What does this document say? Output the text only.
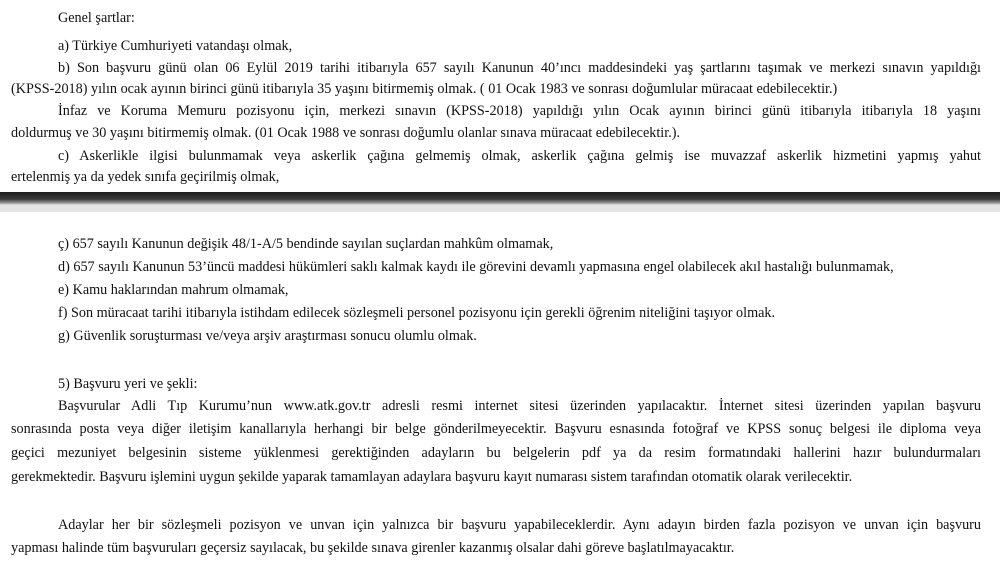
Genel şartlar:
a) Türkiye Cumhuriyeti vatandaşı olmak,
b) Son başvuru günü olan 06 Eylül 2019 tarihi itibarıyla 657 sayılı Kanunun 40’ıncı maddesindeki yaş şartlarını taşımak ve merkezi sınavın yapıldığı
(KPSS-2018) yılın ocak ayının birinci günü itibarıyla 35 yaşını bitirmemiş olmak. ( 01 Ocak 1983 ve sonrası doğumlular müracaat edebilecektir.)
İnfaz ve Koruma Memuru pozisyonu için, merkezi sınavın (KPSS-2018) yapıldığı yılın Ocak ayının birinci günü itibarıyla itibarıyla 18 yaşını
doldurmuş ve 30 yaşını bitirmemiş olmak. (01 Ocak 1988 ve sonrası doğumlu olanlar sınava müracaat edebilecektir.).
c) Askerlikle ilgisi bulunmamak veya askerlik çağına gelmemiş olmak, askerlik çağına gelmiş ise muvazzaf askerlik hizmetini yapmış yahut
ertelenmiş ya da yedek sınıfa geçirilmiş olmak,
ç) 657 sayılı Kanunun değişik 48/1-A/5 bendinde sayılan suçlardan mahkûm olmamak,
d) 657 sayılı Kanunun 53’üncü maddesi hükümleri saklı kalmak kaydı ile görevini devamlı yapmasına engel olabilecek akıl hastalığı bulunmamak,
e) Kamu haklarından mahrum olmamak,
f) Son müracaat tarihi itibarıyla istihdam edilecek sözleşmeli personel pozisyonu için gerekli öğrenim niteliğini taşıyor olmak.
g) Güvenlik soruşturması ve/veya arşiv araştırması sonucu olumlu olmak.
5) Başvuru yeri ve şekli:
Başvurular Adli Tıp Kurumu’nun www.atk.gov.tr adresli resmi internet sitesi üzerinden yapılacaktır. İnternet sitesi üzerinden yapılan başvuru
sonrasında posta veya diğer iletişim kanallarıyla herhangi bir belge gönderilmeyecektir. Başvuru esnasında fotoğraf ve KPSS sonuç belgesi ile diploma veya
geçici mezuniyet belgesinin sisteme yüklenmesi gerektiğinden adayların bu belgelerin pdf ya da resim formatındaki hallerini hazır bulundurmaları
gerekmektedir. Başvuru işlemini uygun şekilde yaparak tamamlayan adaylara başvuru kayıt numarası sistem tarafından otomatik olarak verilecektir.
Adaylar her bir sözleşmeli pozisyon ve unvan için yalnızca bir başvuru yapabileceklerdir. Aynı adayın birden fazla pozisyon ve unvan için başvuru
yapması halinde tüm başvuruları geçersiz sayılacak, bu şekilde sınava girenler kazanmış olsalar dahi göreve başlatılmayacaktır.
